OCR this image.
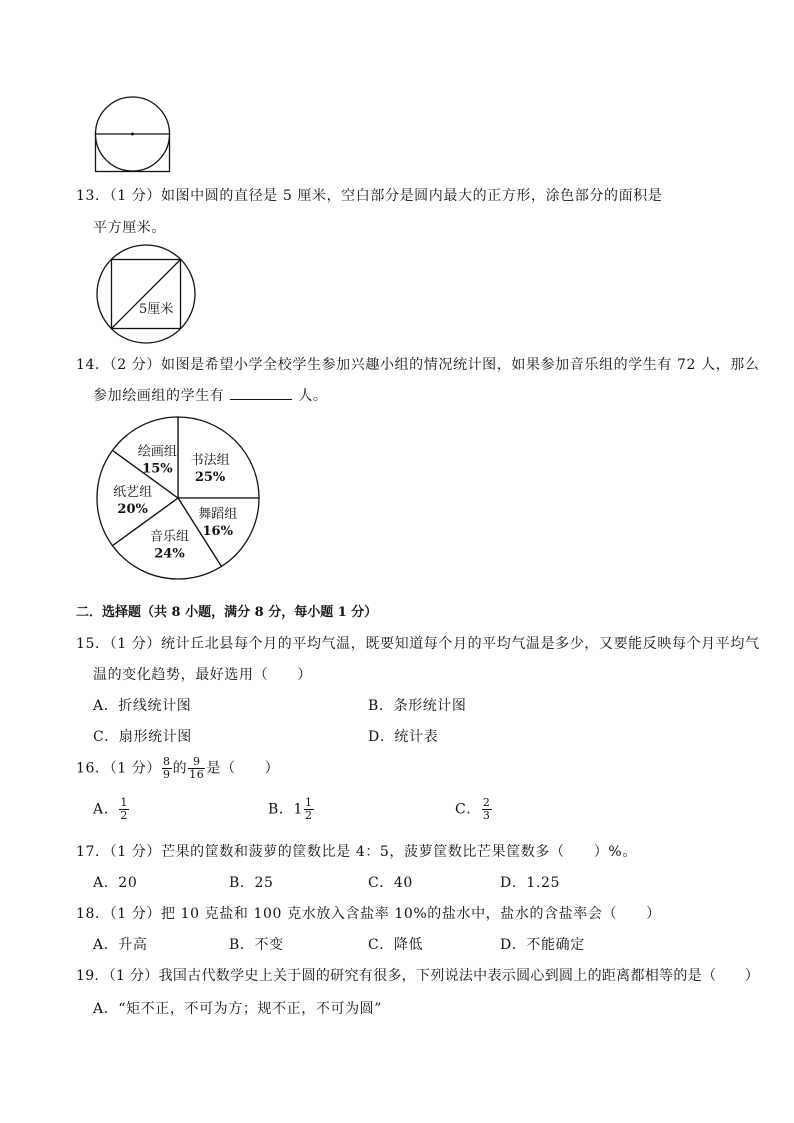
13．（1 分）如图中圆的直径是 5 厘米，空白部分是圆内最大的正方形，涂色部分的面积是
平方厘米。
5厘米
14．（2 分）如图是希望小学全校学生参加兴趣小组的情况统计图，如果参加音乐组的学生有 72 人，那么
参加绘画组的学生有	人。
书法组
25%
舞蹈组
16%
音乐组
24%
纸艺组
20%
绘画组
15%
二．选择题（共 8 小题，满分 8 分，每小题 1 分）
15．（1 分）统计丘北县每个月的平均气温，既要知道每个月的平均气温是多少，又要能反映每个月平均气
温的变化趋势，最好选用（　　）
A．折线统计图	B．条形统计图
C．扇形统计图	D．统计表
16．（1 分） $\frac{8}{9}$ 的 $\frac{9}{16}$ 是（　　）
A． $\frac{1}{2}$	B．$1 \frac{1}{2}$	C． $\frac{2}{3}$
17．（1 分）芒果的筐数和菠萝的筐数比是 4：5，菠萝筐数比芒果筐数多（　　）%。
A．20	B．25	C．40	D．1.25
18．（1 分）把 10 克盐和 100 克水放入含盐率 10%的盐水中，盐水的含盐率会（　　）
A．升高	B．不变	C．降低	D．不能确定
19．（1 分）我国古代数学史上关于圆的研究有很多，下列说法中表示圆心到圆上的距离都相等的是（　　）
A．“矩不正，不可为方；规不正，不可为圆”
